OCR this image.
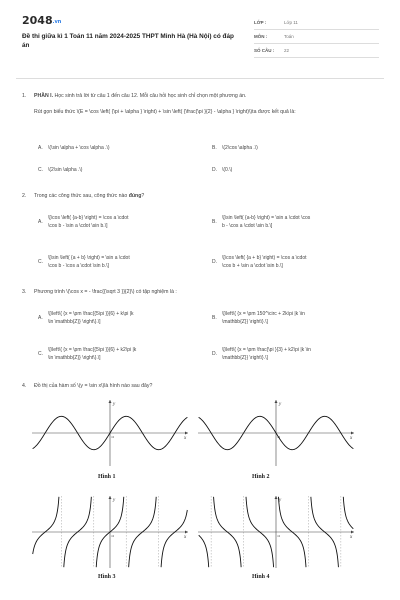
2048.vn
Đề thi giữa kì 1 Toán 11 năm 2024-2025 THPT Minh Hà (Hà Nội) có đáp án
LỚP :	Lớp 11
MÔN :	Toán
SỐ CÂU :	22
1. PHẦN I. Học sinh trả lời từ câu 1 đến câu 12. Mỗi câu hỏi học sinh chỉ chọn một phương án.
Rút gọn biểu thức \(E = \cos \left( {\pi + \alpha } \right) + \sin \left( {\frac{\pi }{2} - \alpha } \right)\)ta được kết quả là:
A. \(\sin \alpha + \cos \alpha .\)	B. \(2\cos \alpha .\)
C. \(2\sin \alpha .\)	D. \(0.\)
2. Trong các công thức sau, công thức nào đúng?
A.\[\cos \left( {a-b} \right) = \cos a \cdot
\cos b - \sin a \cdot \sin b.\]
B.\[\sin \left( {a-b} \right) = \sin a \cdot \cos
b - \cos a \cdot \sin b.\]
C.\[\sin \left( {a + b} \right) = \sin a \cdot
\cos b - \cos a \cdot \sin b.\]
D.\[\cos \left( {a + b} \right) = \cos a \cdot
\cos b + \sin a \cdot \sin b.\]
3. Phương trình \(\cos x = - \frac{{\sqrt 3 }}{2}\) có tập nghiệm là :
A.\[\left\{ {x = \pm \frac{{5\pi }}{6} + k\pi |k
\in \mathbb{Z}} \right\}.\]
B.\[\left\{ {x = \pm 150^\circ + 2k\pi |k \in
\mathbb{Z}} \right\}.\]
C.\[\left\{ {x = \pm \frac{{5\pi }}{6} + k2\pi |k
\in \mathbb{Z}} \right\}.\]
D.\[\left\{ {x = \pm \frac{\pi }{3} + k2\pi |k \in
\mathbb{Z}} \right\}.\]
4. Đồ thị của hàm số \(y = \sin x\)là hình nào sau đây?
y
x
O
Hình 1
y
x
O
Hình 2
y
x
O
Hình 3
y
x
O
Hình 4
